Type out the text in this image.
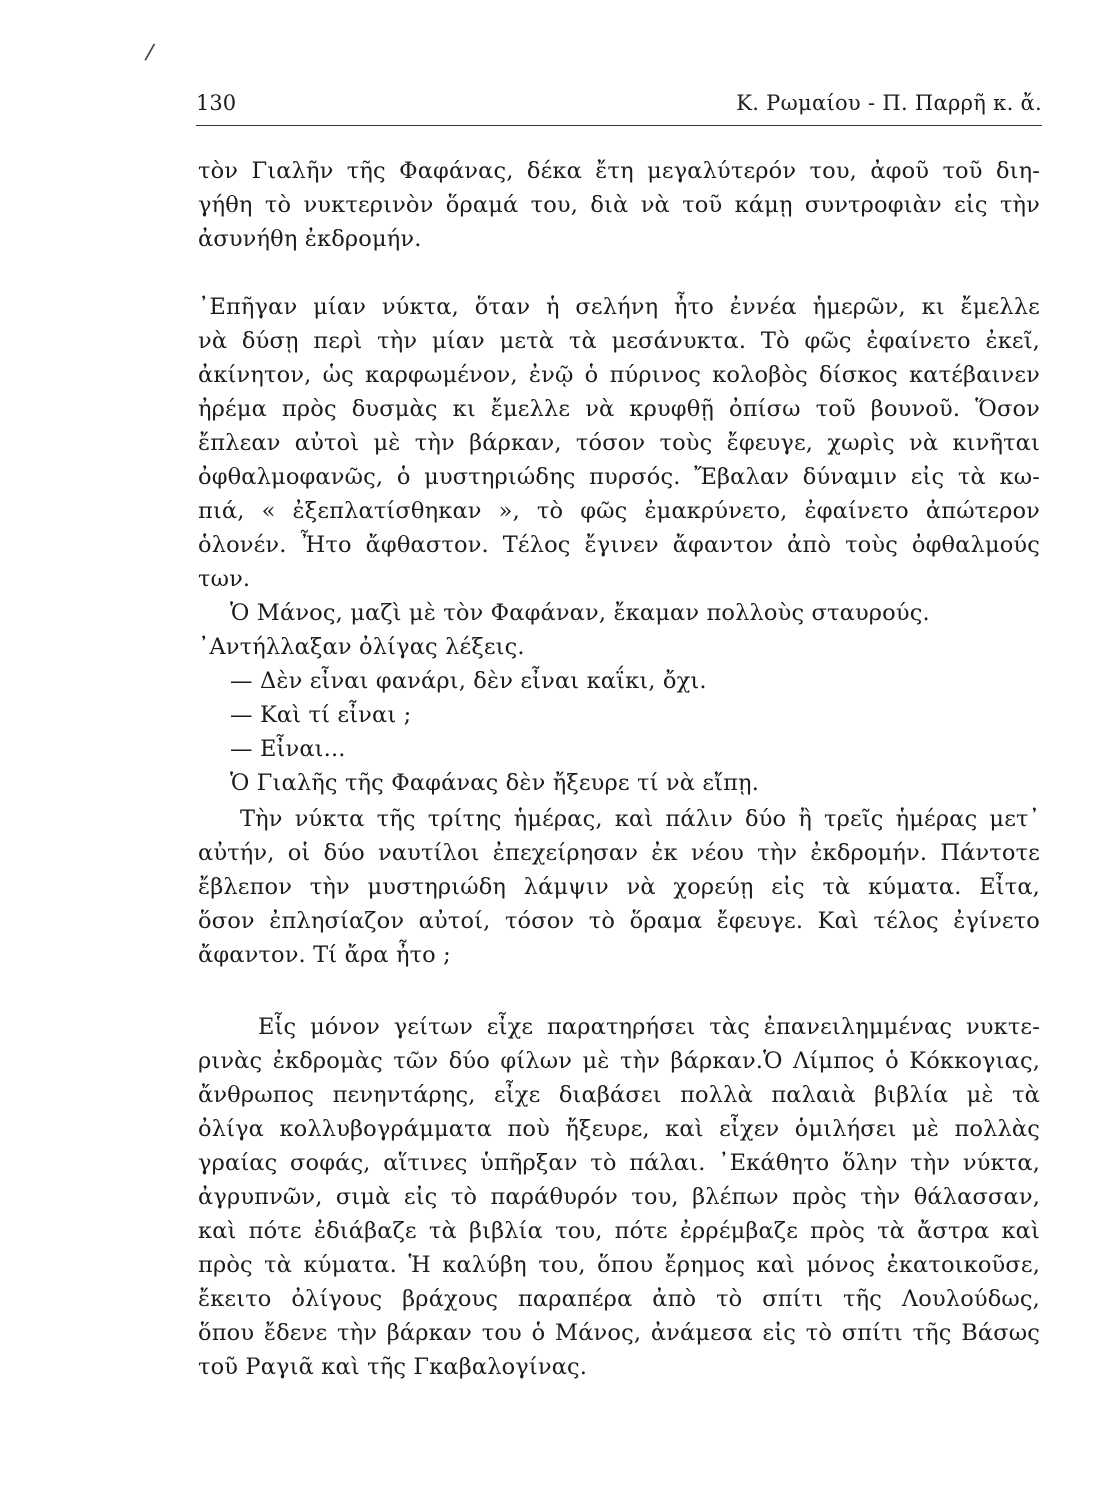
/
130	Κ. Ρωμαίου - Π. Παρρῆ κ. ἄ.
τὸν Γιαλῆν τῆς Φαφάνας, δέκα ἔτη μεγαλύτερόν του, ἀφοῦ τοῦ διη-
γήθη τὸ νυκτερινὸν ὅραμά του, διὰ νὰ τοῦ κάμῃ συντροφιὰν εἰς τὴν
ἀσυνήθη ἐκδρομήν.
᾿Επῆγαν μίαν νύκτα, ὅταν ἡ σελήνη ἦτο ἐννέα ἡμερῶν, κι ἔμελλε
νὰ δύσῃ περὶ τὴν μίαν μετὰ τὰ μεσάνυκτα. Τὸ φῶς ἐφαίνετο ἐκεῖ,
ἀκίνητον, ὡς καρφωμένον, ἐνῷ ὁ πύρινος κολοβὸς δίσκος κατέβαινεν
ἠρέμα πρὸς δυσμὰς κι ἔμελλε νὰ κρυφθῇ ὀπίσω τοῦ βουνοῦ. Ὅσον
ἔπλεαν αὐτοὶ μὲ τὴν βάρκαν, τόσον τοὺς ἔφευγε, χωρὶς νὰ κινῆται
ὀφθαλμοφανῶς, ὁ μυστηριώδης πυρσός. Ἔβαλαν δύναμιν εἰς τὰ κω-
πιά, « ἐξεπλατίσθηκαν », τὸ φῶς ἐμακρύνετο, ἐφαίνετο ἀπώτερον
ὁλονέν. Ἦτο ἄφθαστον. Τέλος ἔγινεν ἄφαντον ἀπὸ τοὺς ὀφθαλμούς
των.
Ὁ Μάνος, μαζὶ μὲ τὸν Φαφάναν, ἔκαμαν πολλοὺς σταυρούς.
᾿Αντήλλαξαν ὀλίγας λέξεις.
— Δὲν εἶναι φανάρι, δὲν εἶναι καΐκι, ὄχι.
— Καὶ τί εἶναι ;
— Εἶναι...
Ὁ Γιαλῆς τῆς Φαφάνας δὲν ἤξευρε τί νὰ εἴπῃ.
Τὴν νύκτα τῆς τρίτης ἡμέρας, καὶ πάλιν δύο ἢ τρεῖς ἡμέρας μετ᾿
αὐτήν, οἱ δύο ναυτίλοι ἐπεχείρησαν ἐκ νέου τὴν ἐκδρομήν. Πάντοτε
ἔβλεπον τὴν μυστηριώδη λάμψιν νὰ χορεύῃ εἰς τὰ κύματα. Εἶτα,
ὅσον ἐπλησίαζον αὐτοί, τόσον τὸ ὅραμα ἔφευγε. Καὶ τέλος ἐγίνετο
ἄφαντον. Τί ἄρα ἦτο ;
Εἷς μόνον γείτων εἶχε παρατηρήσει τὰς ἐπανειλημμένας νυκτε-
ρινὰς ἐκδρομὰς τῶν δύο φίλων μὲ τὴν βάρκαν.Ὁ Λίμπος ὁ Κόκκογιας,
ἄνθρωπος πενηντάρης, εἶχε διαβάσει πολλὰ παλαιὰ βιβλία μὲ τὰ
ὀλίγα κολλυβογράμματα ποὺ ἤξευρε, καὶ εἶχεν ὁμιλήσει μὲ πολλὰς
γραίας σοφάς, αἵτινες ὑπῆρξαν τὸ πάλαι. ᾿Εκάθητο ὅλην τὴν νύκτα,
ἀγρυπνῶν, σιμὰ εἰς τὸ παράθυρόν του, βλέπων πρὸς τὴν θάλασσαν,
καὶ πότε ἐδιάβαζε τὰ βιβλία του, πότε ἐρρέμβαζε πρὸς τὰ ἄστρα καὶ
πρὸς τὰ κύματα. Ἡ καλύβη του, ὅπου ἔρημος καὶ μόνος ἐκατοικοῦσε,
ἔκειτο ὀλίγους βράχους παραπέρα ἀπὸ τὸ σπίτι τῆς Λουλούδως,
ὅπου ἔδενε τὴν βάρκαν του ὁ Μάνος, ἀνάμεσα εἰς τὸ σπίτι τῆς Βάσως
τοῦ Ραγιᾶ καὶ τῆς Γκαβαλογίνας.
